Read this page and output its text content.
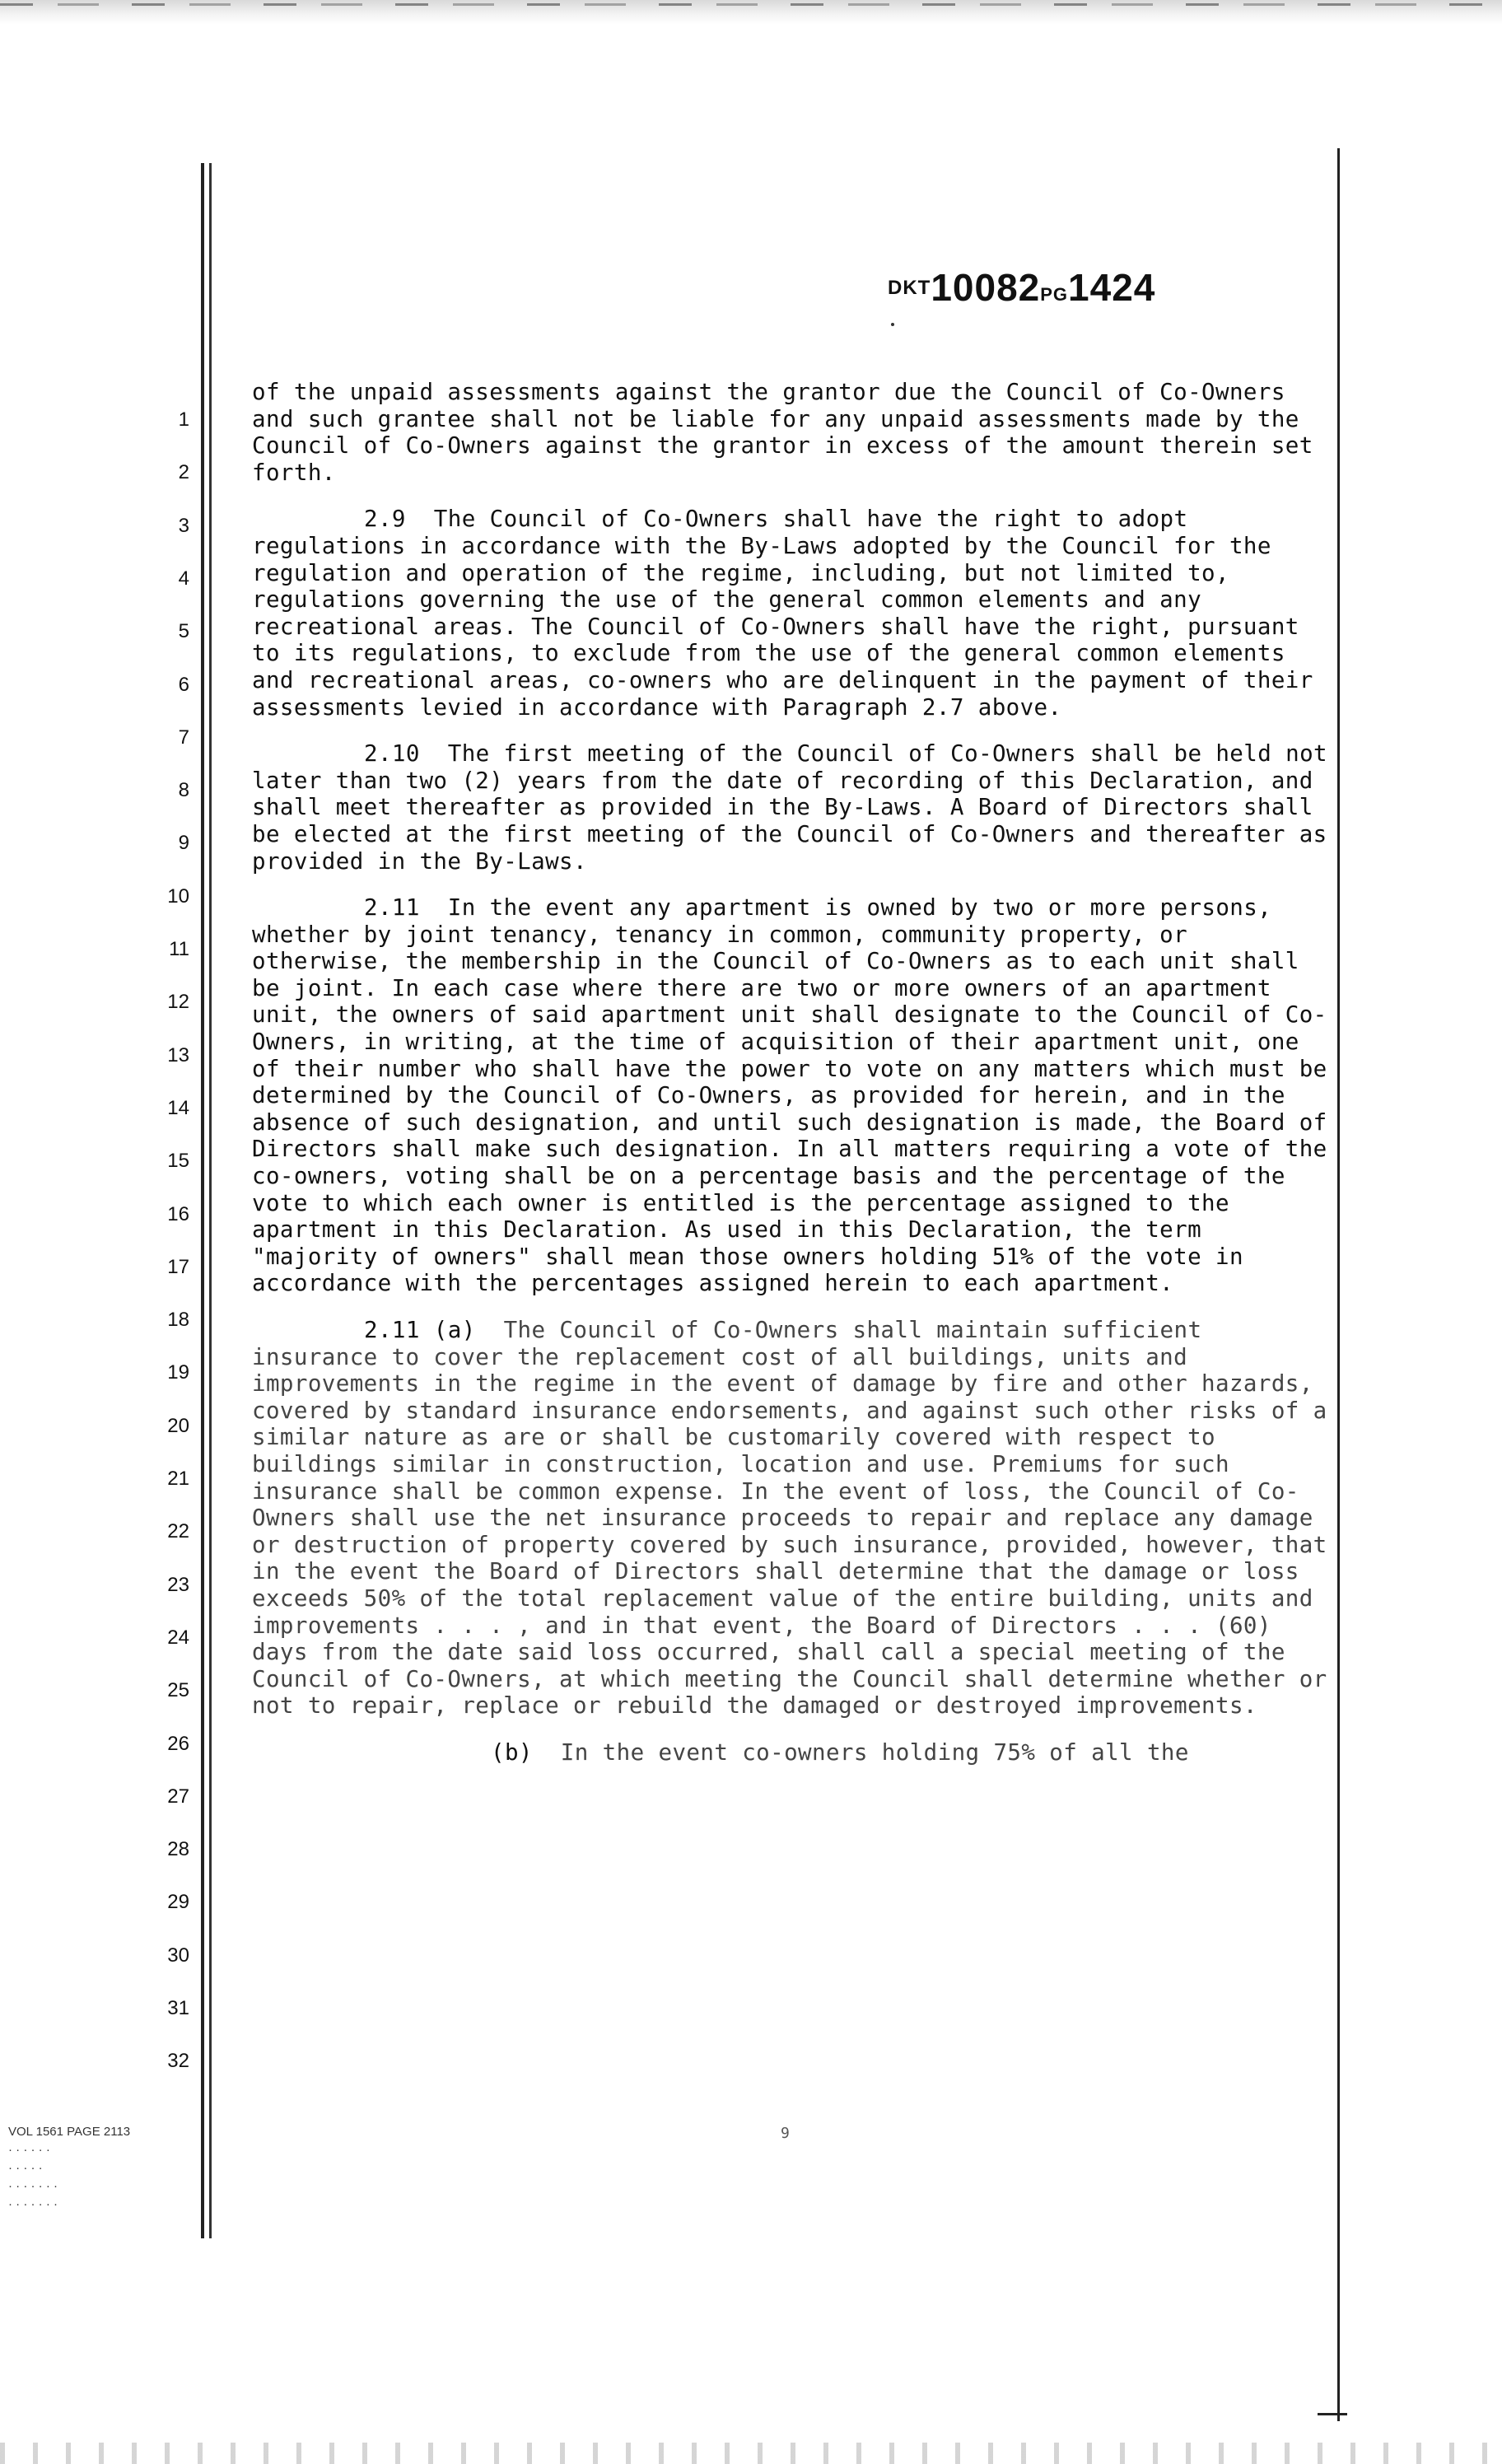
DKT10082PG1424
1
2
3
4
5
6
7
8
9
10
11
12
13
14
15
16
17
18
19
20
21
22
23
24
25
26
27
28
29
30
31
32

of the unpaid assessments against the grantor due the Council of Co-Owners and such grantee shall not be liable for any unpaid assessments made by the Council of Co-Owners against the grantor in excess of the amount therein set forth.

2.9 The Council of Co-Owners shall have the right to adopt regulations in accordance with the By-Laws adopted by the Council for the regulation and operation of the regime, including, but not limited to, regulations governing the use of the general common elements and any recreational areas. The Council of Co-Owners shall have the right, pursuant to its regulations, to exclude from the use of the general common elements and recreational areas, co-owners who are delinquent in the payment of their assessments levied in accordance with Paragraph 2.7 above.

2.10 The first meeting of the Council of Co-Owners shall be held not later than two (2) years from the date of recording of this Declaration, and shall meet thereafter as provided in the By-Laws. A Board of Directors shall be elected at the first meeting of the Council of Co-Owners and thereafter as provided in the By-Laws.

2.11 In the event any apartment is owned by two or more persons, whether by joint tenancy, tenancy in common, community property, or otherwise, the membership in the Council of Co-Owners as to each unit shall be joint. In each case where there are two or more owners of an apartment unit, the owners of said apartment unit shall designate to the Council of Co-Owners, in writing, at the time of acquisition of their apartment unit, one of their number who shall have the power to vote on any matters which must be determined by the Council of Co-Owners, as provided for herein, and in the absence of such designation, and until such designation is made, the Board of Directors shall make such designation. In all matters requiring a vote of the co-owners, voting shall be on a percentage basis and the percentage of the vote to which each owner is entitled is the percentage assigned to the apartment in this Declaration. As used in this Declaration, the term "majority of owners" shall mean those owners holding 51% of the vote in accordance with the percentages assigned herein to each apartment.

2.11 (a) The Council of Co-Owners shall maintain sufficient insurance to cover the replacement cost of all buildings, units and improvements in the regime in the event of damage by fire and other hazards, covered by standard insurance endorsements, and against such other risks of a similar nature as are or shall be customarily covered with respect to buildings similar in construction, location and use. Premiums for such insurance shall be common expense. In the event of loss, the Council of Co-Owners shall use the net insurance proceeds to repair and replace any damage or destruction of property covered by such insurance, provided, however, that in the event the Board of Directors shall determine that the damage or loss exceeds 50% of the total replacement value of the entire building, units and improvements . . . , and in that event, the Board of Directors . . . (60) days from the date said loss occurred, shall call a special meeting of the Council of Co-Owners, at which meeting the Council shall determine whether or not to repair, replace or rebuild the damaged or destroyed improvements.

(b) In the event co-owners holding 75% of all the

VOL 1561 PAGE 2113
· · · · · ·
· · · · ·
· · · · · · ·
· · · · · · ·
9
